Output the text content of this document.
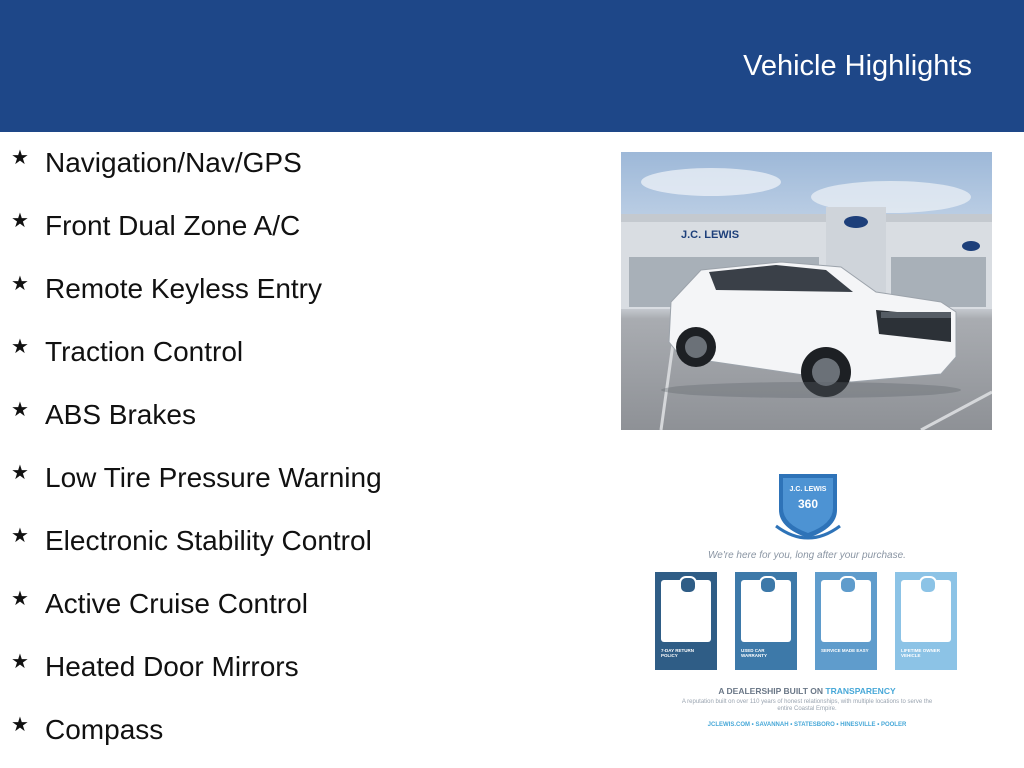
Vehicle Highlights
★ Navigation/Nav/GPS
★ Front Dual Zone A/C
★ Remote Keyless Entry
★ Traction Control
★ ABS Brakes
★ Low Tire Pressure Warning
★ Electronic Stability Control
★ Active Cruise Control
★ Heated Door Mirrors
★ Compass
J.C. LEWIS
J.C. LEWIS
360
We're here for you, long after your purchase.
7-DAY RETURN POLICY
USED CAR WARRANTY
SERVICE MADE EASY	LIFETIME OWNER VEHICLE
A DEALERSHIP BUILT ON TRANSPARENCY
A reputation built on over 110 years of honest relationships, with multiple locations to serve the entire Coastal Empire.
JCLEWIS.COM • SAVANNAH • STATESBORO • HINESVILLE • POOLER
